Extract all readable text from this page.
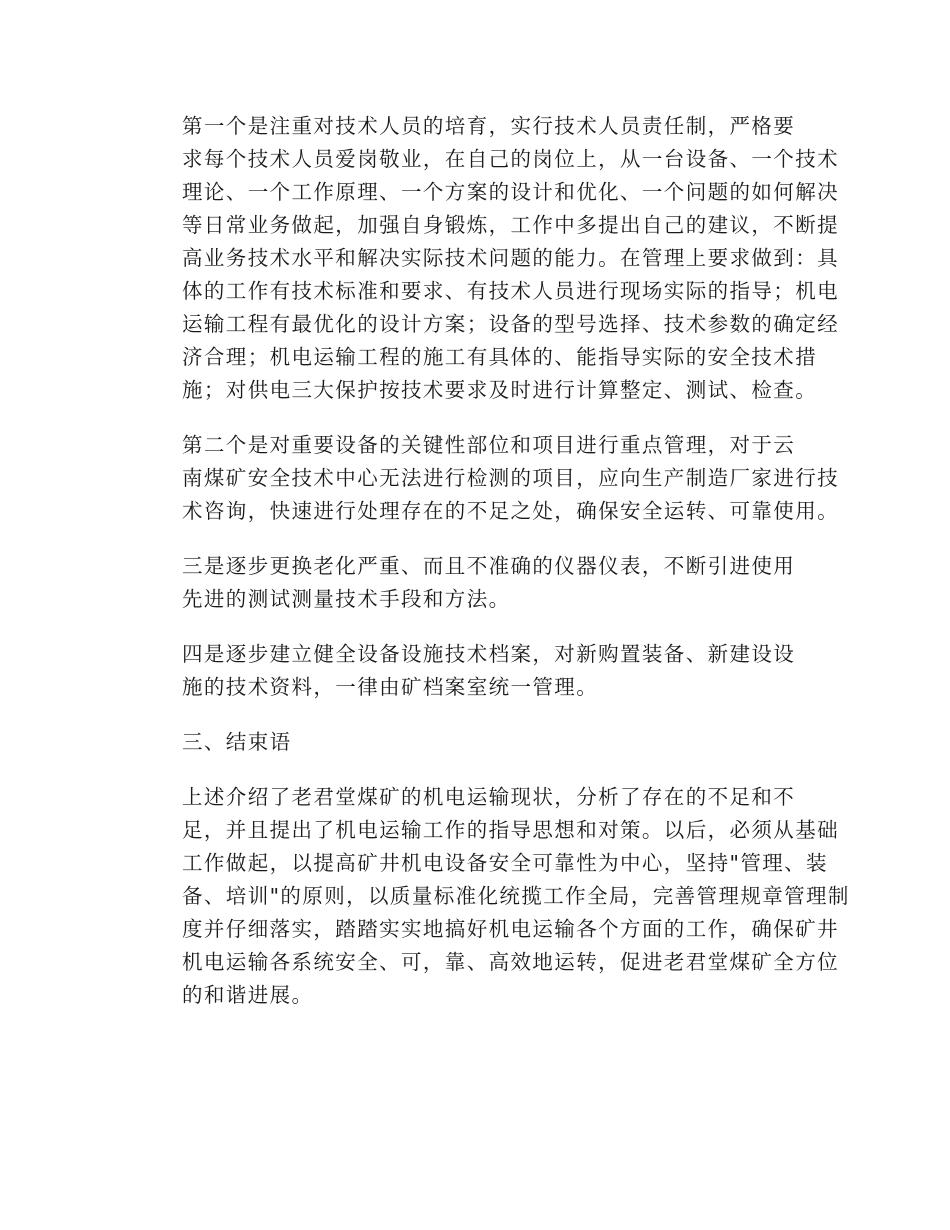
第一个是注重对技术人员的培育，实行技术人员责任制，严格要
求每个技术人员爱岗敬业，在自己的岗位上，从一台设备、一个技术
理论、一个工作原理、一个方案的设计和优化、一个问题的如何解决
等日常业务做起，加强自身锻炼，工作中多提出自己的建议，不断提
高业务技术水平和解决实际技术问题的能力。在管理上要求做到：具
体的工作有技术标准和要求、有技术人员进行现场实际的指导；机电
运输工程有最优化的设计方案；设备的型号选择、技术参数的确定经
济合理；机电运输工程的施工有具体的、能指导实际的安全技术措
施；对供电三大保护按技术要求及时进行计算整定、测试、检查。

第二个是对重要设备的关键性部位和项目进行重点管理，对于云
南煤矿安全技术中心无法进行检测的项目，应向生产制造厂家进行技
术咨询，快速进行处理存在的不足之处，确保安全运转、可靠使用。

三是逐步更换老化严重、而且不准确的仪器仪表，不断引进使用
先进的测试测量技术手段和方法。

四是逐步建立健全设备设施技术档案，对新购置装备、新建设设
施的技术资料，一律由矿档案室统一管理。

三、结束语

上述介绍了老君堂煤矿的机电运输现状，分析了存在的不足和不
足，并且提出了机电运输工作的指导思想和对策。以后，必须从基础
工作做起，以提高矿井机电设备安全可靠性为中心，坚持"管理、装
备、培训"的原则，以质量标准化统揽工作全局，完善管理规章管理制
度并仔细落实，踏踏实实地搞好机电运输各个方面的工作，确保矿井
机电运输各系统安全、可，靠、高效地运转，促进老君堂煤矿全方位
的和谐进展。
